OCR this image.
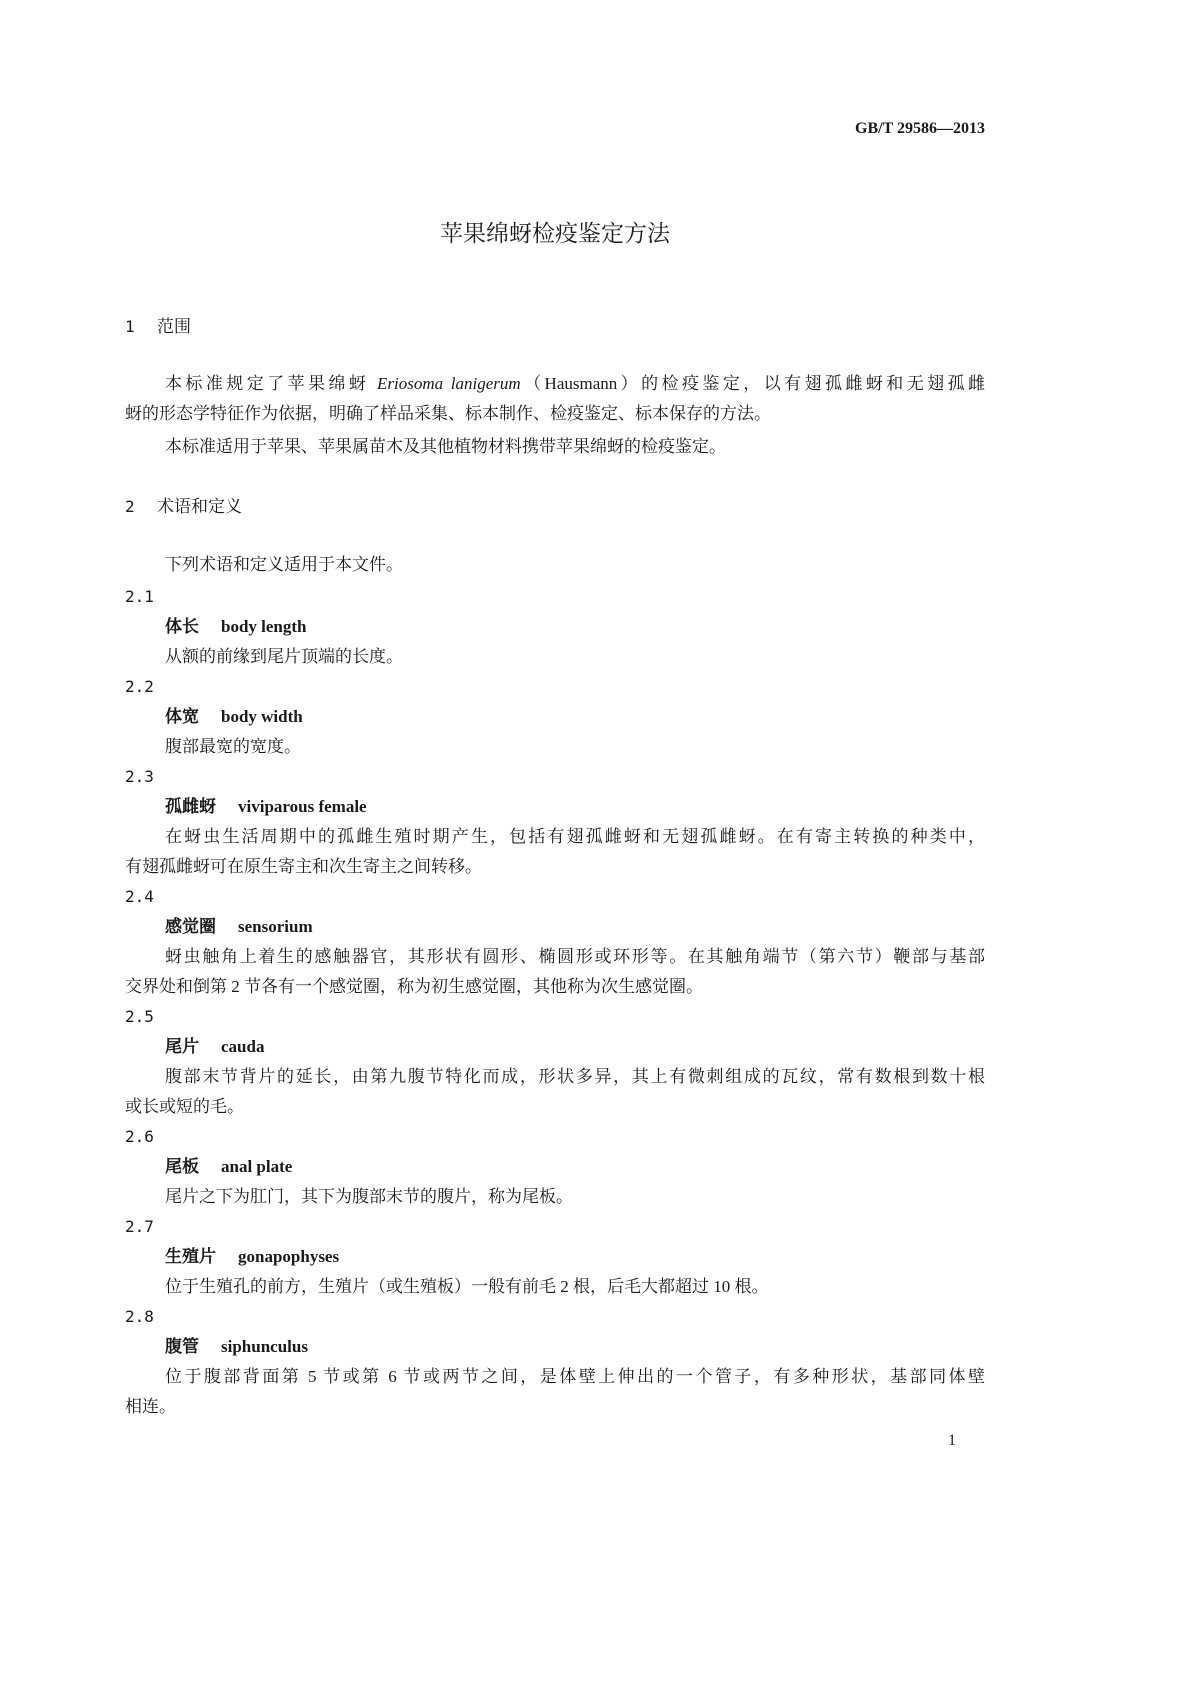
GB/T 29586—2013
苹果绵蚜检疫鉴定方法
1 范围
本标准规定了苹果绵蚜 Eriosoma lanigerum（Hausmann）的检疫鉴定，以有翅孤雌蚜和无翅孤雌
蚜的形态学特征作为依据，明确了样品采集、标本制作、检疫鉴定、标本保存的方法。
本标准适用于苹果、苹果属苗木及其他植物材料携带苹果绵蚜的检疫鉴定。
2 术语和定义
下列术语和定义适用于本文件。
2.1
体长 body length
从额的前缘到尾片顶端的长度。
2.2
体宽 body width
腹部最宽的宽度。
2.3
孤雌蚜 viviparous female
在蚜虫生活周期中的孤雌生殖时期产生，包括有翅孤雌蚜和无翅孤雌蚜。在有寄主转换的种类中，
有翅孤雌蚜可在原生寄主和次生寄主之间转移。
2.4
感觉圈 sensorium
蚜虫触角上着生的感触器官，其形状有圆形、椭圆形或环形等。在其触角端节（第六节）鞭部与基部
交界处和倒第 2 节各有一个感觉圈，称为初生感觉圈，其他称为次生感觉圈。
2.5
尾片 cauda
腹部末节背片的延长，由第九腹节特化而成，形状多异，其上有微刺组成的瓦纹，常有数根到数十根
或长或短的毛。
2.6
尾板 anal plate
尾片之下为肛门，其下为腹部末节的腹片，称为尾板。
2.7
生殖片 gonapophyses
位于生殖孔的前方，生殖片（或生殖板）一般有前毛 2 根，后毛大都超过 10 根。
2.8
腹管 siphunculus
位于腹部背面第 5 节或第 6 节或两节之间，是体壁上伸出的一个管子，有多种形状，基部同体壁
相连。
1
